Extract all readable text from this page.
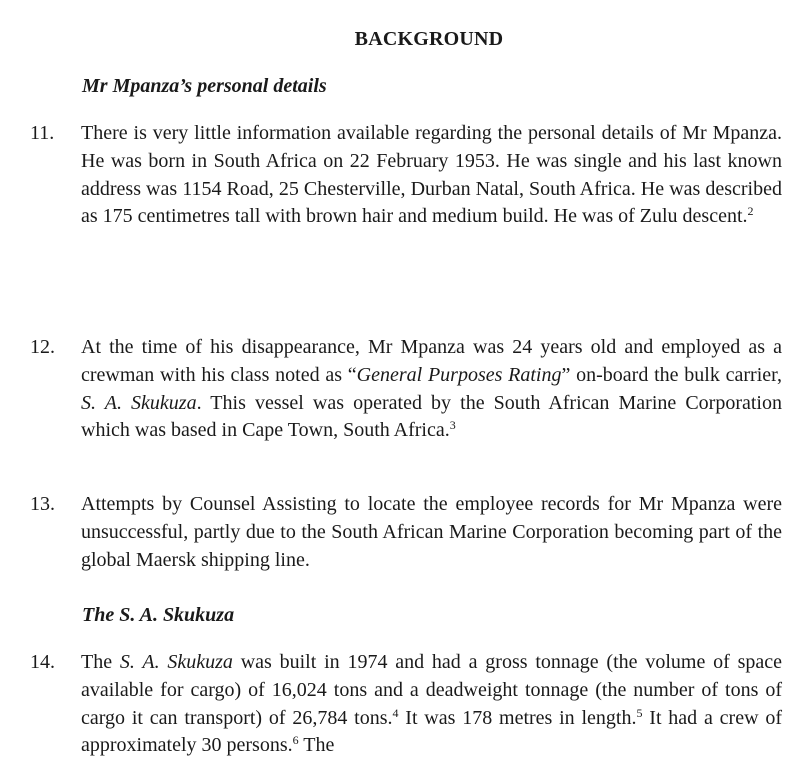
BACKGROUND
Mr Mpanza’s personal details
11.	There is very little information available regarding the personal details of Mr Mpanza. He was born in South Africa on 22 February 1953. He was single and his last known address was 1154 Road, 25 Chesterville, Durban Natal, South Africa. He was described as 175 centimetres tall with brown hair and medium build. He was of Zulu descent.$^2$
12.	At the time of his disappearance, Mr Mpanza was 24 years old and employed as a crewman with his class noted as “General Purposes Rating” on-board the bulk carrier, S. A. Skukuza. This vessel was operated by the South African Marine Corporation which was based in Cape Town, South Africa.$^3$
13.	Attempts by Counsel Assisting to locate the employee records for Mr Mpanza were unsuccessful, partly due to the South African Marine Corporation becoming part of the global Maersk shipping line.
The S. A. Skukuza
14.	The S. A. Skukuza was built in 1974 and had a gross tonnage (the volume of space available for cargo) of 16,024 tons and a deadweight tonnage (the number of tons of cargo it can transport) of 26,784 tons.$^4$ It was 178 metres in length.$^5$ It had a crew of approximately 30 persons.$^6$ The
